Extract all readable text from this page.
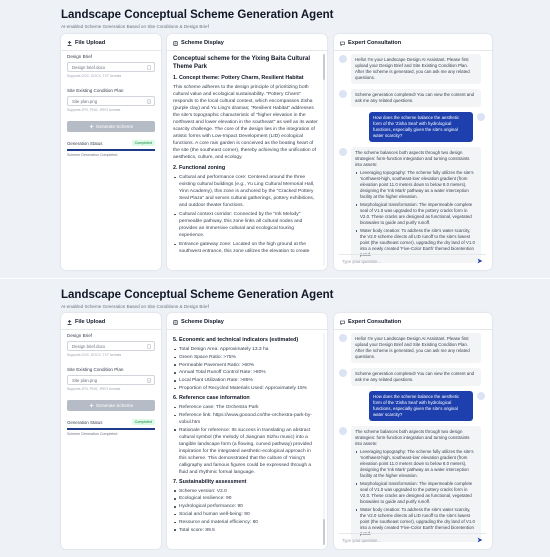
Landscape Conceptual Scheme Generation Agent
AI-enabled Scheme Generation Based on Site Conditions & Design Brief
File Upload
Design Brief
Design brief.docx
Supports DOC, DOCX, TXT formats
Site Existing Condition Plan
Site plan.png
Supports JPG, PNG, JPEG formats
Generate Scheme
Generation Status	Completed
Scheme Generation Completed
Scheme Display
Conceptual scheme for the Yixing Baita Cultural Theme Park
1. Concept theme: Pottery Charm, Resilient Habitat

This scheme adheres to the design principle of prioritizing both cultural value and ecological sustainability. "Pottery Charm" responds to the local cultural context, which encompasses Zisha (purple clay) and Yu Ling's dramas; "Resilient Habitat" addresses the site's topographic characteristic of "higher elevation in the northwest and lower elevation in the southeast" as well as its water scarcity challenge. The core of the design lies in the integration of artistic forms with Low-Impact Development (LID) ecological functions. A core rain garden is conceived as the beating heart of the site (the southeast corner), thereby achieving the unification of aesthetics, culture, and ecology.

2. Functional zoning
Cultural and performance core: Centered around the three existing cultural buildings (e.g., Yu Ling Cultural Memorial Hall, Yinn Academy), this zone is anchored by the "Cracked Pottery Seal Plaza" and serves cultural gatherings, pottery exhibitions, and outdoor theater functions.
Cultural context corridor: Connected by the "Ink Melody" permeable pathway, this zone links all cultural nodes and provides an immersive cultural and ecological touring experience.
Entrance gateway zone: Located on the high ground at the southwest entrance, this zone utilizes the elevation to create
Expert Consultation
Hello! I'm your Landscape Design AI Assistant. Please first upload your Design Brief and Site Existing Condition Plan. After the scheme is generated, you can ask me any related questions.
Scheme generation completed! You can view the content and ask me any related questions.
How does the scheme balance the aesthetic form of the 'Zisha Seal' with hydrological functions, especially given the site's original water scarcity?
The scheme balances both aspects through two design strategies: form-function integration and turning constraints into assets:
Leveraging topography: The scheme fully utilizes the site's 'northwest-high, southeast-low' elevation gradient (from elevation point 11.0 meters down to below 8.0 meters), designing the 'Ink Mark' pathway as a water interception facility at the higher elevation.
Morphological transformation: The impermeable complete seal of V1.0 was upgraded to the pottery cracks form in V2.0. These cracks are designed as functional, vegetated bioswales to guide and purify runoff.
Water body creation: To address the site's water scarcity, the V2.0 scheme directs all LID runoff to the site's lowest point (the southeast corner), upgrading the dry land of V1.0 into a newly created 'Five-Color Earth' themed bioretention pond.
Type your question...
Landscape Conceptual Scheme Generation Agent
AI-enabled Scheme Generation Based on Site Conditions & Design Brief
File Upload
Design Brief
Design brief.docx
Supports DOC, DOCX, TXT formats
Site Existing Condition Plan
Site plan.png
Supports JPG, PNG, JPEG formats
Generate Scheme
Generation Status	Completed
Scheme Generation Completed
Scheme Display
5. Economic and technical indicators (estimated)
Total Design Area: Approximately 13.3 ha
Green Space Ratio: >75%
Permeable Pavement Ratio: >60%
Annual Total Runoff Control Rate: >80%
Local Plant Utilization Rate: >85%
Proportion of Recycled Materials Used: Approximately 15%
6. Reference case information
Reference case: The Orchestra Park
Reference link: https://www.gooood.cn/the-orchestra-park-by-vobul.htm
Rationale for reference: Its success in translating an abstract cultural symbol (the melody of Jiangnan Sizhu music) into a tangible landscape form (a flowing, curved pathway) provided inspiration for the integrated aesthetic-ecological approach in this scheme. This demonstrated that the culture of Yixing's calligraphy and famous figures could be expressed through a fluid and rhythmic formal language.
7. Sustainability assessment
Scheme version: V2.0
Ecological resilience: 90
Hydrological performance: 90
Social and human well-being: 90
Resource and material efficiency: 80
Total score: 89.5
Expert Consultation
Hello! I'm your Landscape Design AI Assistant. Please first upload your Design Brief and Site Existing Condition Plan. After the scheme is generated, you can ask me any related questions.
Scheme generation completed! You can view the content and ask me any related questions.
How does the scheme balance the aesthetic form of the 'Zisha Seal' with hydrological functions, especially given the site's original water scarcity?
The scheme balances both aspects through two design strategies: form-function integration and turning constraints into assets:
Leveraging topography: The scheme fully utilizes the site's 'northwest-high, southeast-low' elevation gradient (from elevation point 11.0 meters down to below 8.0 meters), designing the 'Ink Mark' pathway as a water interception facility at the higher elevation.
Morphological transformation: The impermeable complete seal of V1.0 was upgraded to the pottery cracks form in V2.0. These cracks are designed as functional, vegetated bioswales to guide and purify runoff.
Water body creation: To address the site's water scarcity, the V2.0 scheme directs all LID runoff to the site's lowest point (the southeast corner), upgrading the dry land of V1.0 into a newly created 'Five-Color Earth' themed bioretention pond.
Type your question...
